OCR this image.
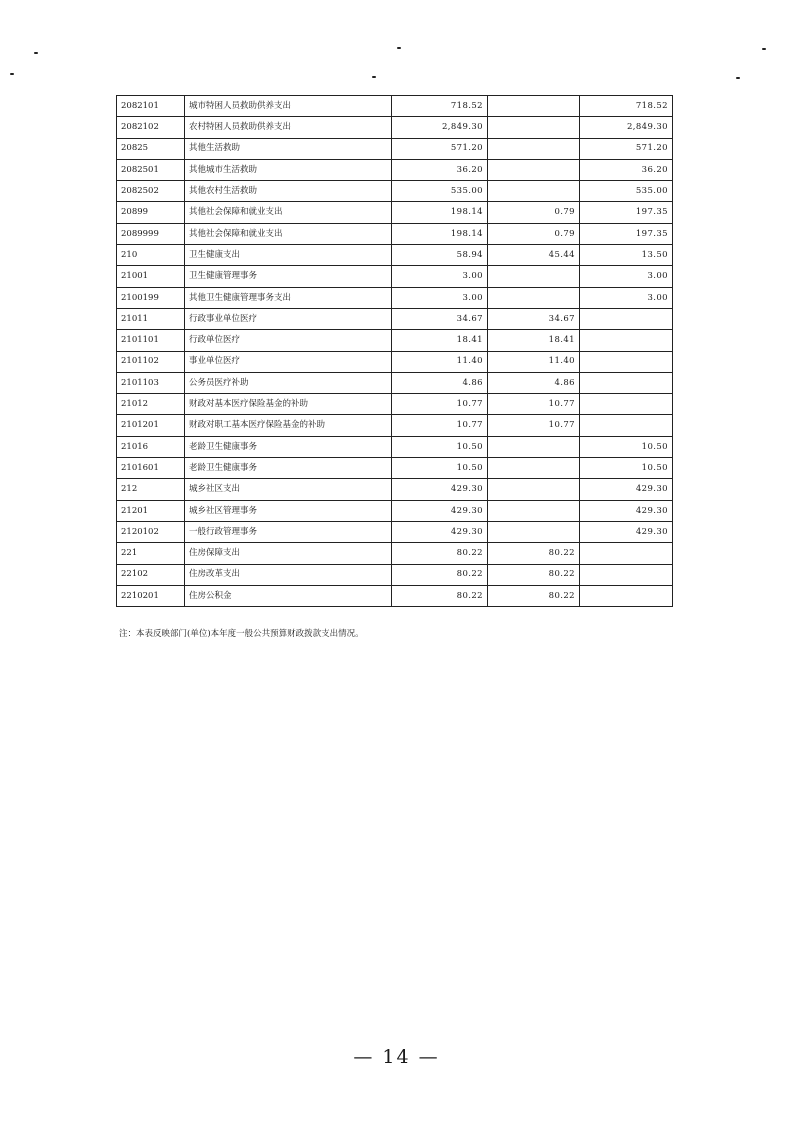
2082101	城市特困人员救助供养支出	718.52		718.52
2082102	农村特困人员救助供养支出	2,849.30		2,849.30
20825	其他生活救助	571.20		571.20
2082501	其他城市生活救助	36.20		36.20
2082502	其他农村生活救助	535.00		535.00
20899	其他社会保障和就业支出	198.14	0.79	197.35
2089999	其他社会保障和就业支出	198.14	0.79	197.35
210	卫生健康支出	58.94	45.44	13.50
21001	卫生健康管理事务	3.00		3.00
2100199	其他卫生健康管理事务支出	3.00		3.00
21011	行政事业单位医疗	34.67	34.67	
2101101	行政单位医疗	18.41	18.41	
2101102	事业单位医疗	11.40	11.40	
2101103	公务员医疗补助	4.86	4.86	
21012	财政对基本医疗保险基金的补助	10.77	10.77	
2101201	财政对职工基本医疗保险基金的补助	10.77	10.77	
21016	老龄卫生健康事务	10.50		10.50
2101601	老龄卫生健康事务	10.50		10.50
212	城乡社区支出	429.30		429.30
21201	城乡社区管理事务	429.30		429.30
2120102	一般行政管理事务	429.30		429.30
221	住房保障支出	80.22	80.22	
22102	住房改革支出	80.22	80.22	
2210201	住房公积金	80.22	80.22	
注：本表反映部门(单位)本年度一般公共预算财政拨款支出情况。
— 14 —
